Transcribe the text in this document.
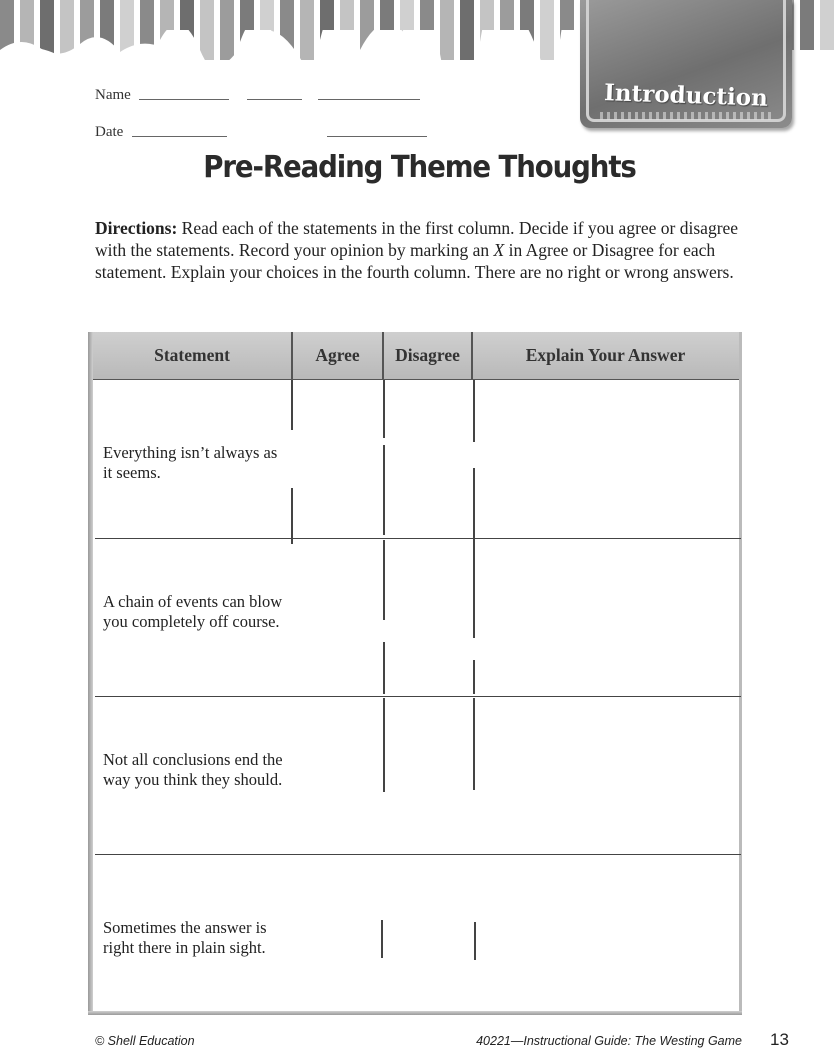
Introduction
Name
Date
Pre-Reading Theme Thoughts
Directions: Read each of the statements in the first column. Decide if you agree or disagree with the statements. Record your opinion by marking an X in Agree or Disagree for each statement. Explain your choices in the fourth column. There are no right or wrong answers.
Statement	Agree	Disagree	Explain Your Answer
Everything isn’t always as it seems.
A chain of events can blow you completely off course.
Not all conclusions end the way you think they should.
Sometimes the answer is right there in plain sight.
© Shell Education	40221—Instructional Guide: The Westing Game 13
